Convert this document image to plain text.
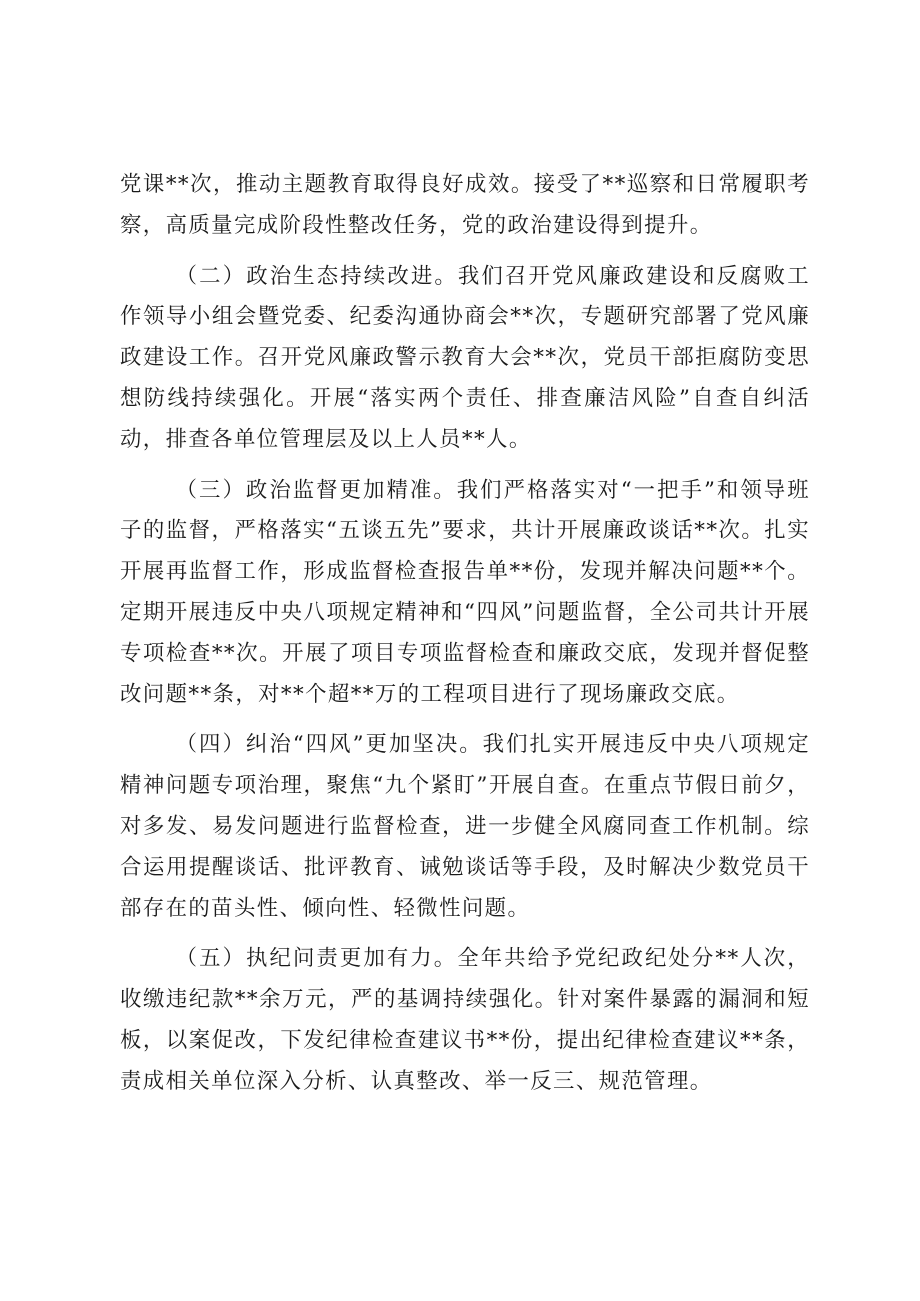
党课**次，推动主题教育取得良好成效。接受了**巡察和日常履职考察，高质量完成阶段性整改任务，党的政治建设得到提升。

（二）政治生态持续改进。我们召开党风廉政建设和反腐败工作领导小组会暨党委、纪委沟通协商会**次，专题研究部署了党风廉政建设工作。召开党风廉政警示教育大会**次，党员干部拒腐防变思想防线持续强化。开展“落实两个责任、排查廉洁风险”自查自纠活动，排查各单位管理层及以上人员**人。

（三）政治监督更加精准。我们严格落实对“一把手”和领导班子的监督，严格落实“五谈五先”要求，共计开展廉政谈话**次。扎实开展再监督工作，形成监督检查报告单**份，发现并解决问题**个。定期开展违反中央八项规定精神和“四风”问题监督，全公司共计开展专项检查**次。开展了项目专项监督检查和廉政交底，发现并督促整改问题**条，对**个超**万的工程项目进行了现场廉政交底。

（四）纠治“四风”更加坚决。我们扎实开展违反中央八项规定精神问题专项治理，聚焦“九个紧盯”开展自查。在重点节假日前夕，对多发、易发问题进行监督检查，进一步健全风腐同查工作机制。综合运用提醒谈话、批评教育、诫勉谈话等手段，及时解决少数党员干部存在的苗头性、倾向性、轻微性问题。

（五）执纪问责更加有力。全年共给予党纪政纪处分**人次，收缴违纪款**余万元，严的基调持续强化。针对案件暴露的漏洞和短板，以案促改，下发纪律检查建议书**份，提出纪律检查建议**条，责成相关单位深入分析、认真整改、举一反三、规范管理。
